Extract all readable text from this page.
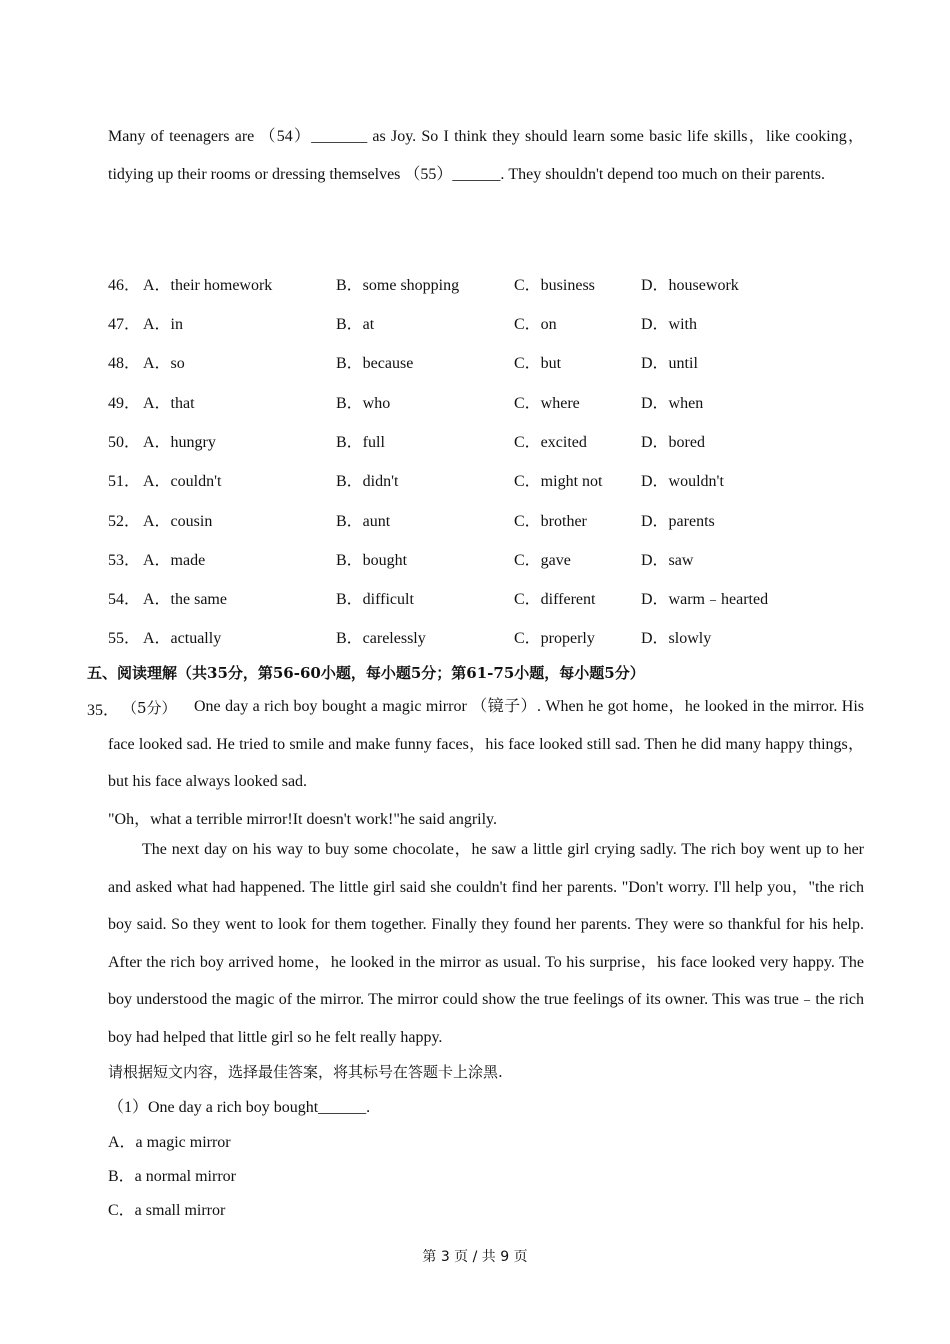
Many of teenagers are （54）_______ as Joy. So I think they should learn some basic life skills，like cooking，tidying up their rooms or dressing themselves （55）______. They shouldn't depend too much on their parents.
46． A．their homework	B．some shopping	C．business	D．housework
47． A．in	B．at	C．on	D．with
48． A．so	B．because	C．but	D．until
49． A．that	B．who	C．where	D．when
50． A．hungry	B．full	C．excited	D．bored
51． A．couldn't	B．didn't	C．might not D．wouldn't
52． A．cousin	B．aunt	C．brother	D．parents
53． A．made	B．bought	C．gave	D．saw
54． A．the same	B．difficult	C．different	D．warm﹣hearted
55． A．actually	B．carelessly	C．properly	D．slowly
五、阅读理解（共35分，第56-60小题，每小题5分；第61-75小题，每小题5分）
35． （5分）	One day a rich boy bought a magic mirror （镜子）. When he got home，he looked in the mirror. His face looked sad. He tried to smile and make funny faces，his face looked still sad. Then he did many happy things，but his face always looked sad.
"Oh，what a terrible mirror!It doesn't work!"he said angrily.
The next day on his way to buy some chocolate，he saw a little girl crying sadly. The rich boy went up to her and asked what had happened. The little girl said she couldn't find her parents. "Don't worry. I'll help you，"the rich boy said. So they went to look for them together. Finally they found her parents. They were so thankful for his help. After the rich boy arrived home，he looked in the mirror as usual. To his surprise，his face looked very happy. The boy understood the magic of the mirror. The mirror could show the true feelings of its owner. This was true﹣the rich boy had helped that little girl so he felt really happy.
请根据短文内容，选择最佳答案，将其标号在答题卡上涂黑.
（1）One day a rich boy bought______.
A．a magic mirror
B．a normal mirror
C．a small mirror
第 3 页 / 共 9 页
